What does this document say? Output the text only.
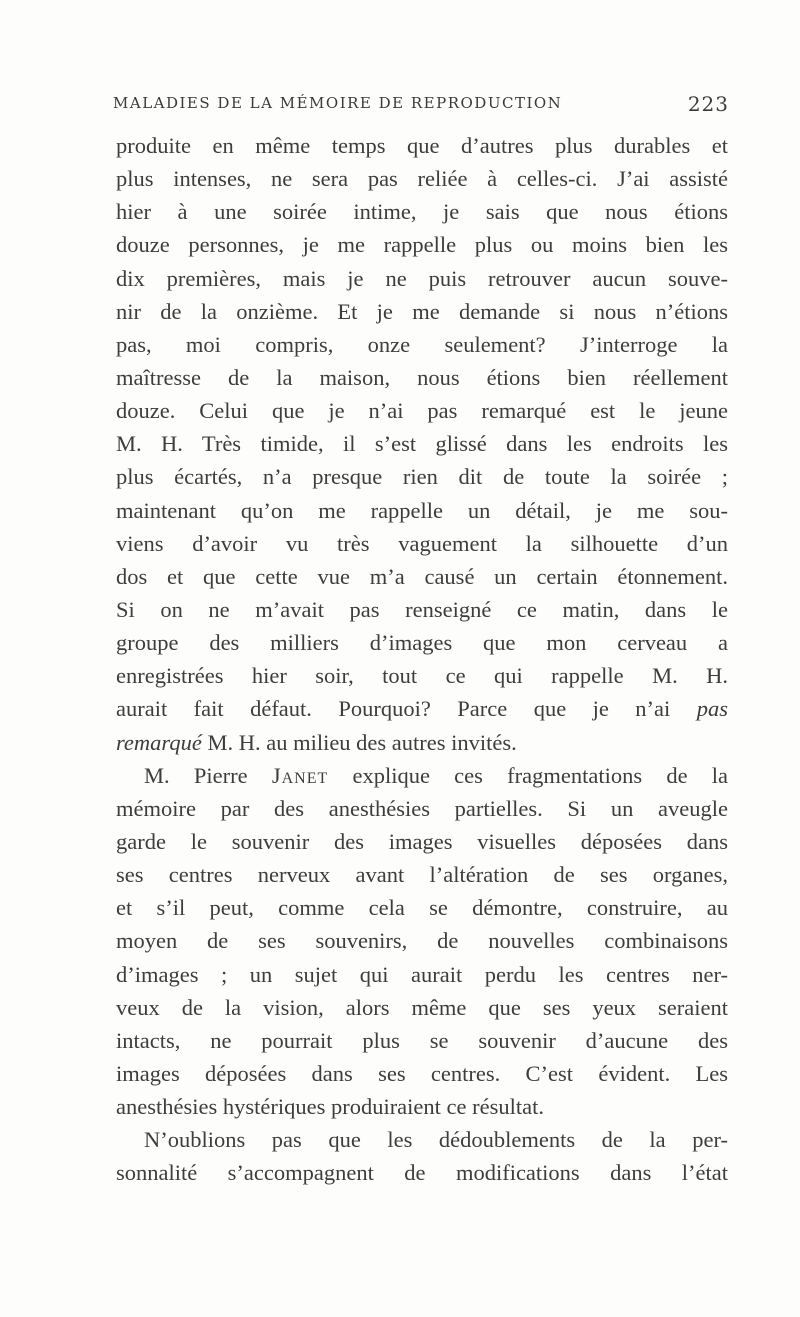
MALADIES DE LA MÉMOIRE DE REPRODUCTION	223
produite en même temps que d’autres plus durables et
plus intenses, ne sera pas reliée à celles-ci. J’ai assisté
hier à une soirée intime, je sais que nous étions
douze personnes, je me rappelle plus ou moins bien les
dix premières, mais je ne puis retrouver aucun souve-
nir de la onzième. Et je me demande si nous n’étions
pas, moi compris, onze seulement? J’interroge la
maîtresse de la maison, nous étions bien réellement
douze. Celui que je n’ai pas remarqué est le jeune
M. H. Très timide, il s’est glissé dans les endroits les
plus écartés, n’a presque rien dit de toute la soirée ;
maintenant qu’on me rappelle un détail, je me sou-
viens d’avoir vu très vaguement la silhouette d’un
dos et que cette vue m’a causé un certain étonnement.
Si on ne m’avait pas renseigné ce matin, dans le
groupe des milliers d’images que mon cerveau a
enregistrées hier soir, tout ce qui rappelle M. H.
aurait fait défaut. Pourquoi? Parce que je n’ai pas
remarqué M. H. au milieu des autres invités.
M. Pierre Janet explique ces fragmentations de la
mémoire par des anesthésies partielles. Si un aveugle
garde le souvenir des images visuelles déposées dans
ses centres nerveux avant l’altération de ses organes,
et s’il peut, comme cela se démontre, construire, au
moyen de ses souvenirs, de nouvelles combinaisons
d’images ; un sujet qui aurait perdu les centres ner-
veux de la vision, alors même que ses yeux seraient
intacts, ne pourrait plus se souvenir d’aucune des
images déposées dans ses centres. C’est évident. Les
anesthésies hystériques produiraient ce résultat.
N’oublions pas que les dédoublements de la per-
sonnalité s’accompagnent de modifications dans l’état
